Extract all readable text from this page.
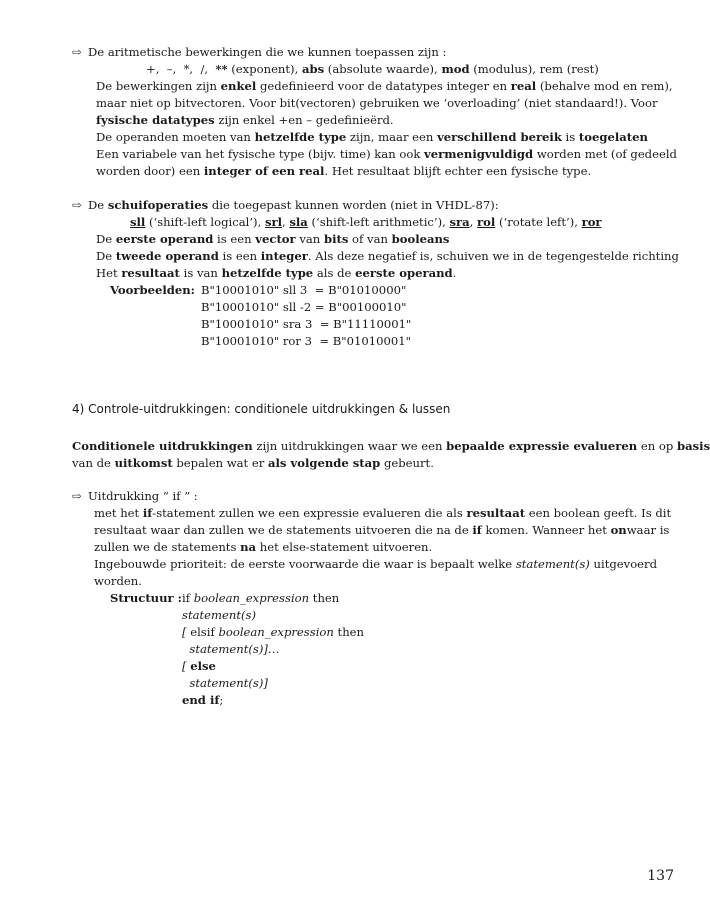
⇨ De aritmetische bewerkingen die we kunnen toepassen zijn :
+,  –,  *,  /,  ** (exponent), abs (absolute waarde), mod (modulus), rem (rest)
De bewerkingen zijn enkel gedefinieerd voor de datatypes integer en real (behalve mod en rem),
maar niet op bitvectoren. Voor bit(vectoren) gebruiken we ‘overloading’ (niet standaard!). Voor
fysische datatypes zijn enkel +en – gedefinieërd.
De operanden moeten van hetzelfde type zijn, maar een verschillend bereik is toegelaten
Een variabele van het fysische type (bijv. time) kan ook vermenigvuldigd worden met (of gedeeld
worden door) een integer of een real. Het resultaat blijft echter een fysische type.
⇨ De schuifoperaties die toegepast kunnen worden (niet in VHDL-87):
sll (‘shift-left logical’), srl, sla (‘shift-left arithmetic’), sra, rol (‘rotate left’), ror
De eerste operand is een vector van bits of van booleans
De tweede operand is een integer. Als deze negatief is, schuiven we in de tegengestelde richting
Het resultaat is van hetzelfde type als de eerste operand.
Voorbeelden: B"10001010" sll 3  = B"01010000"
B"10001010" sll -2 = B"00100010"
B"10001010" sra 3  = B"11110001"
B"10001010" ror 3  = B"01010001"
4) Controle-uitdrukkingen: conditionele uitdrukkingen & lussen
Conditionele uitdrukkingen zijn uitdrukkingen waar we een bepaalde expressie evalueren en op basis
van de uitkomst bepalen wat er als volgende stap gebeurt.
⇨ Uitdrukking “ if ” :
met het if-statement zullen we een expressie evalueren die als resultaat een boolean geeft. Is dit
resultaat waar dan zullen we de statements uitvoeren die na de if komen. Wanneer het onwaar is
zullen we de statements na het else-statement uitvoeren.
Ingebouwde prioriteit: de eerste voorwaarde die waar is bepaalt welke statement(s) uitgevoerd
worden.
Structuur : if boolean_expression then
statement(s)
[ elsif boolean_expression then
statement(s)]…
[ else
statement(s)]
end if;
137
